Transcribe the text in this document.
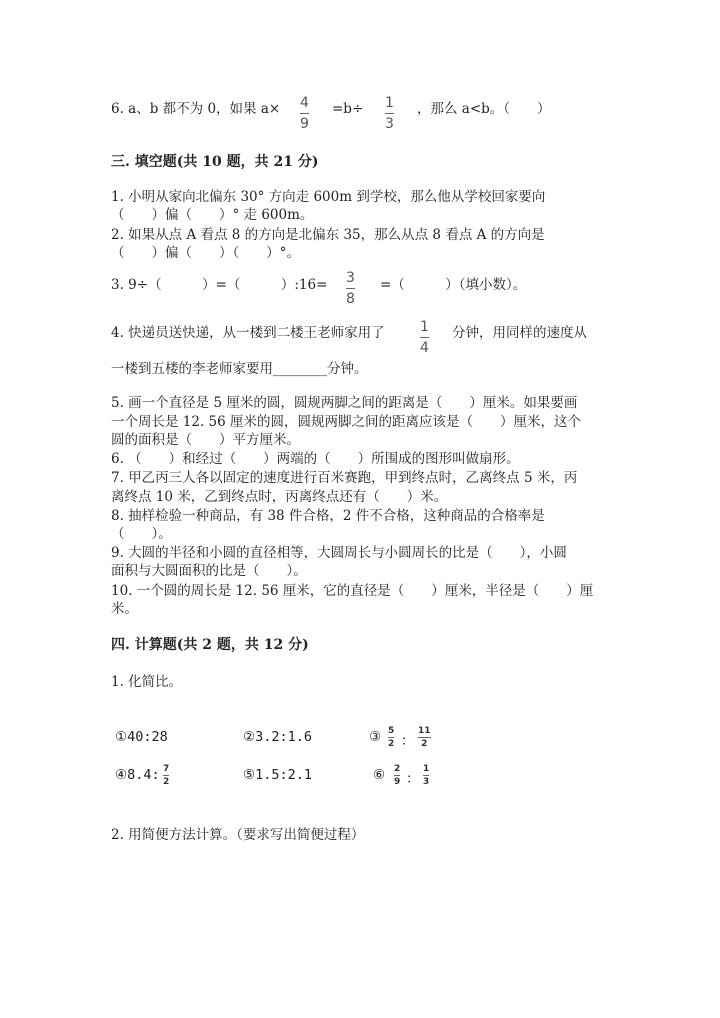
6. a、b 都不为 0，如果 a× 4
9
=b÷ 1
3
，那么 a<b。（　　）
三. 填空题(共 10 题，共 21 分)
1. 小明从家向北偏东 30° 方向走 600m 到学校，那么他从学校回家要向
（　　）偏（　　）° 走 600m。
2. 如果从点 A 看点 8 的方向是北偏东 35，那么从点 8 看点 A 的方向是
（　　）偏（　　）（　　）°。
3. 9÷（　　　）=（　　　）:16= 3
8
=（　　　）（填小数）。
4. 快递员送快递，从一楼到二楼王老师家用了	1
4
分钟，用同样的速度从
一楼到五楼的李老师家要用________分钟。
5. 画一个直径是 5 厘米的圆，圆规两脚之间的距离是（　　）厘米。如果要画
一个周长是 12. 56 厘米的圆，圆规两脚之间的距离应该是（　　）厘米，这个
圆的面积是（　　）平方厘米。
6. （　　）和经过（　　）两端的（　　）所围成的图形叫做扇形。
7. 甲乙丙三人各以固定的速度进行百米赛跑，甲到终点时，乙离终点 5 米，丙
离终点 10 米，乙到终点时，丙离终点还有（　　）米。
8. 抽样检验一种商品，有 38 件合格，2 件不合格，这种商品的合格率是
（　　）。
9. 大圆的半径和小圆的直径相等，大圆周长与小圆周长的比是（　　），小圆
面积与大圆面积的比是（　　）。
10. 一个圆的周长是 12. 56 厘米，它的直径是（　　）厘米，半径是（　　）厘
米。
四. 计算题(共 2 题，共 12 分)
1. 化简比。
①40:28	②3.2:1.6	③ 5
2 ：
11
2
④8.4: 7
2	⑤1.5:2.1	⑥ 2
9 ：
1
3
2. 用简便方法计算。（要求写出简便过程）
